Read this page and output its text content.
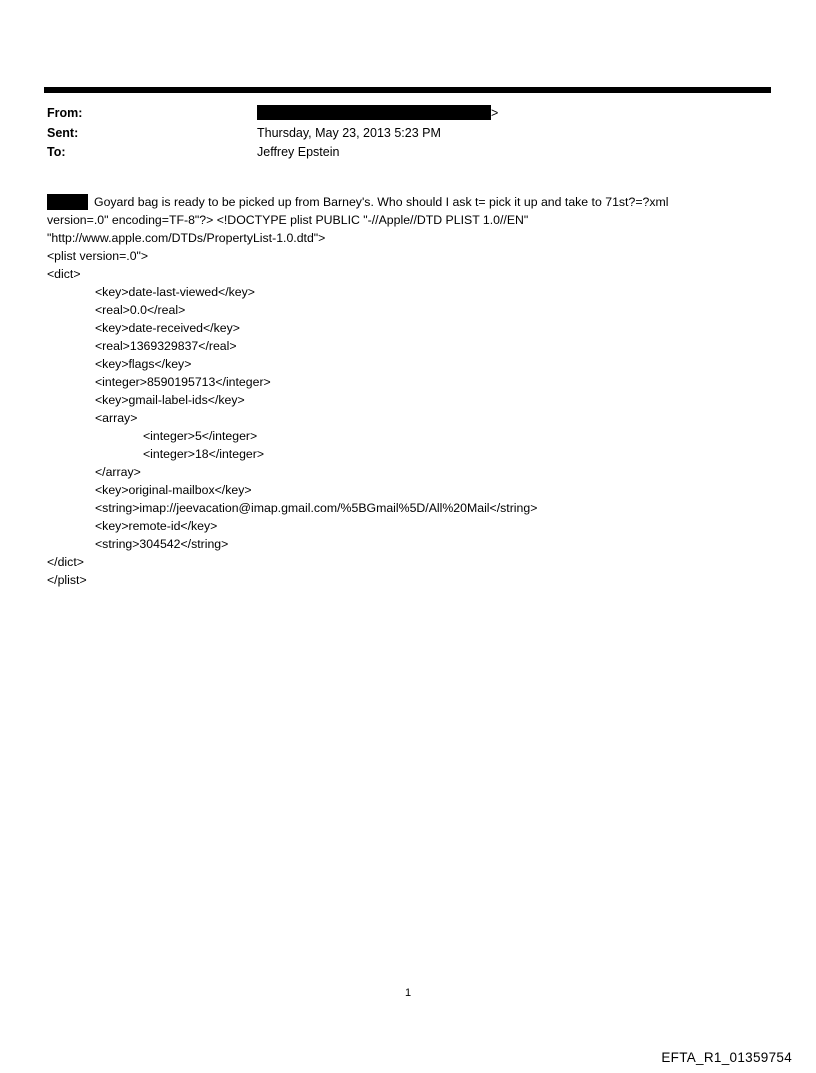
From:	>
Sent:	Thursday, May 23, 2013 5:23 PM
To:	Jeffrey Epstein
Goyard bag is ready to be picked up from Barney's. Who should I ask t= pick it up and take to 71st?=?xml
version=.0" encoding=TF-8"?> <!DOCTYPE plist PUBLIC "-//Apple//DTD PLIST 1.0//EN"
"http://www.apple.com/DTDs/PropertyList-1.0.dtd">
<plist version=.0">
<dict>
<key>date-last-viewed</key>
<real>0.0</real>
<key>date-received</key>
<real>1369329837</real>
<key>flags</key>
<integer>8590195713</integer>
<key>gmail-label-ids</key>
<array>
<integer>5</integer>
<integer>18</integer>
</array>
<key>original-mailbox</key>
<string>imap://jeevacation@imap.gmail.com/%5BGmail%5D/All%20Mail</string>
<key>remote-id</key>
<string>304542</string>
</dict>
</plist>
1
EFTA_R1_01359754
